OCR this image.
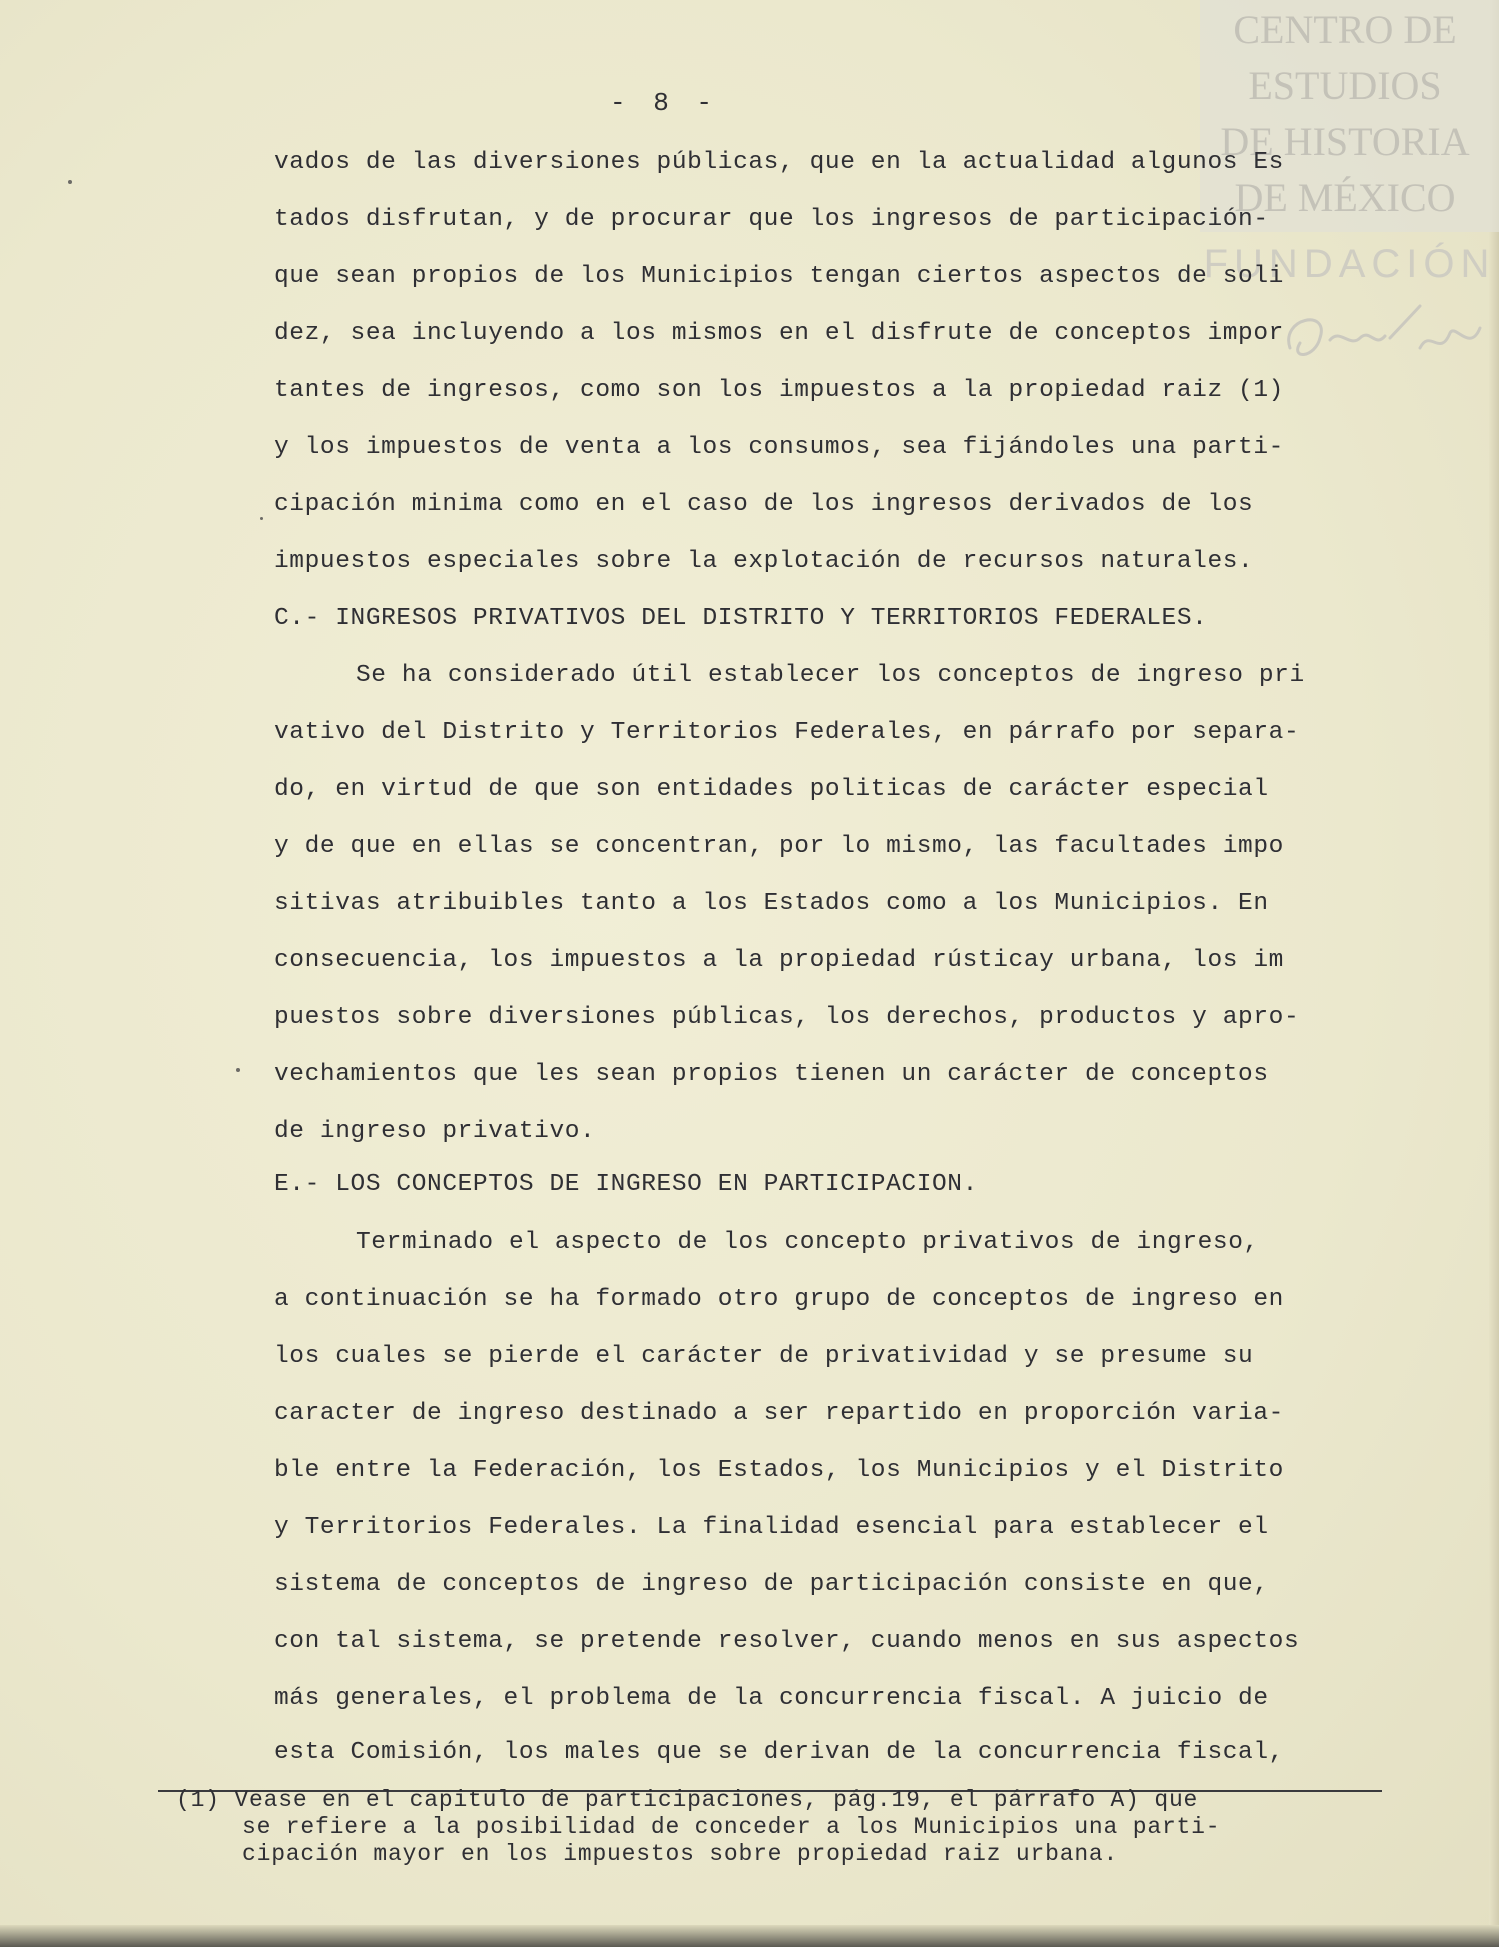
CENTRO DE
ESTUDIOS
DE HISTORIA
DE MÉXICO
FUNDACIÓN
- 8 -
vados de las diversiones públicas, que en la actualidad algunos Es
tados disfrutan, y de procurar que los ingresos de participación-
que sean propios de los Municipios tengan ciertos aspectos de soli
dez, sea incluyendo a los mismos en el disfrute de conceptos impor
tantes de ingresos, como son los impuestos a la propiedad raiz (1)
y los impuestos de venta a los consumos, sea fijándoles una parti-
cipación minima como en el caso de los ingresos derivados de los
impuestos especiales sobre la explotación de recursos naturales.
C.- INGRESOS PRIVATIVOS DEL DISTRITO Y TERRITORIOS FEDERALES.
Se ha considerado útil establecer los conceptos de ingreso pri
vativo del Distrito y Territorios Federales, en párrafo por separa-
do, en virtud de que son entidades politicas de carácter especial
y de que en ellas se concentran, por lo mismo, las facultades impo
sitivas atribuibles tanto a los Estados como a los Municipios. En
consecuencia, los impuestos a la propiedad rústicay urbana, los im
puestos sobre diversiones públicas, los derechos, productos y apro-
vechamientos que les sean propios tienen un carácter de conceptos
de ingreso privativo.
E.- LOS CONCEPTOS DE INGRESO EN PARTICIPACION.
Terminado el aspecto de los concepto privativos de ingreso,
a continuación se ha formado otro grupo de conceptos de ingreso en
los cuales se pierde el carácter de privatividad y se presume su
caracter de ingreso destinado a ser repartido en proporción varia-
ble entre la Federación, los Estados, los Municipios y el Distrito
y Territorios Federales. La finalidad esencial para establecer el
sistema de conceptos de ingreso de participación consiste en que,
con tal sistema, se pretende resolver, cuando menos en sus aspectos
más generales, el problema de la concurrencia fiscal. A juicio de
esta Comisión, los males que se derivan de la concurrencia fiscal,
(1) Vease en el capitulo de participaciones, pág.19, el párrafo A) que
se refiere a la posibilidad de conceder a los Municipios una parti-
cipación mayor en los impuestos sobre propiedad raiz urbana.
